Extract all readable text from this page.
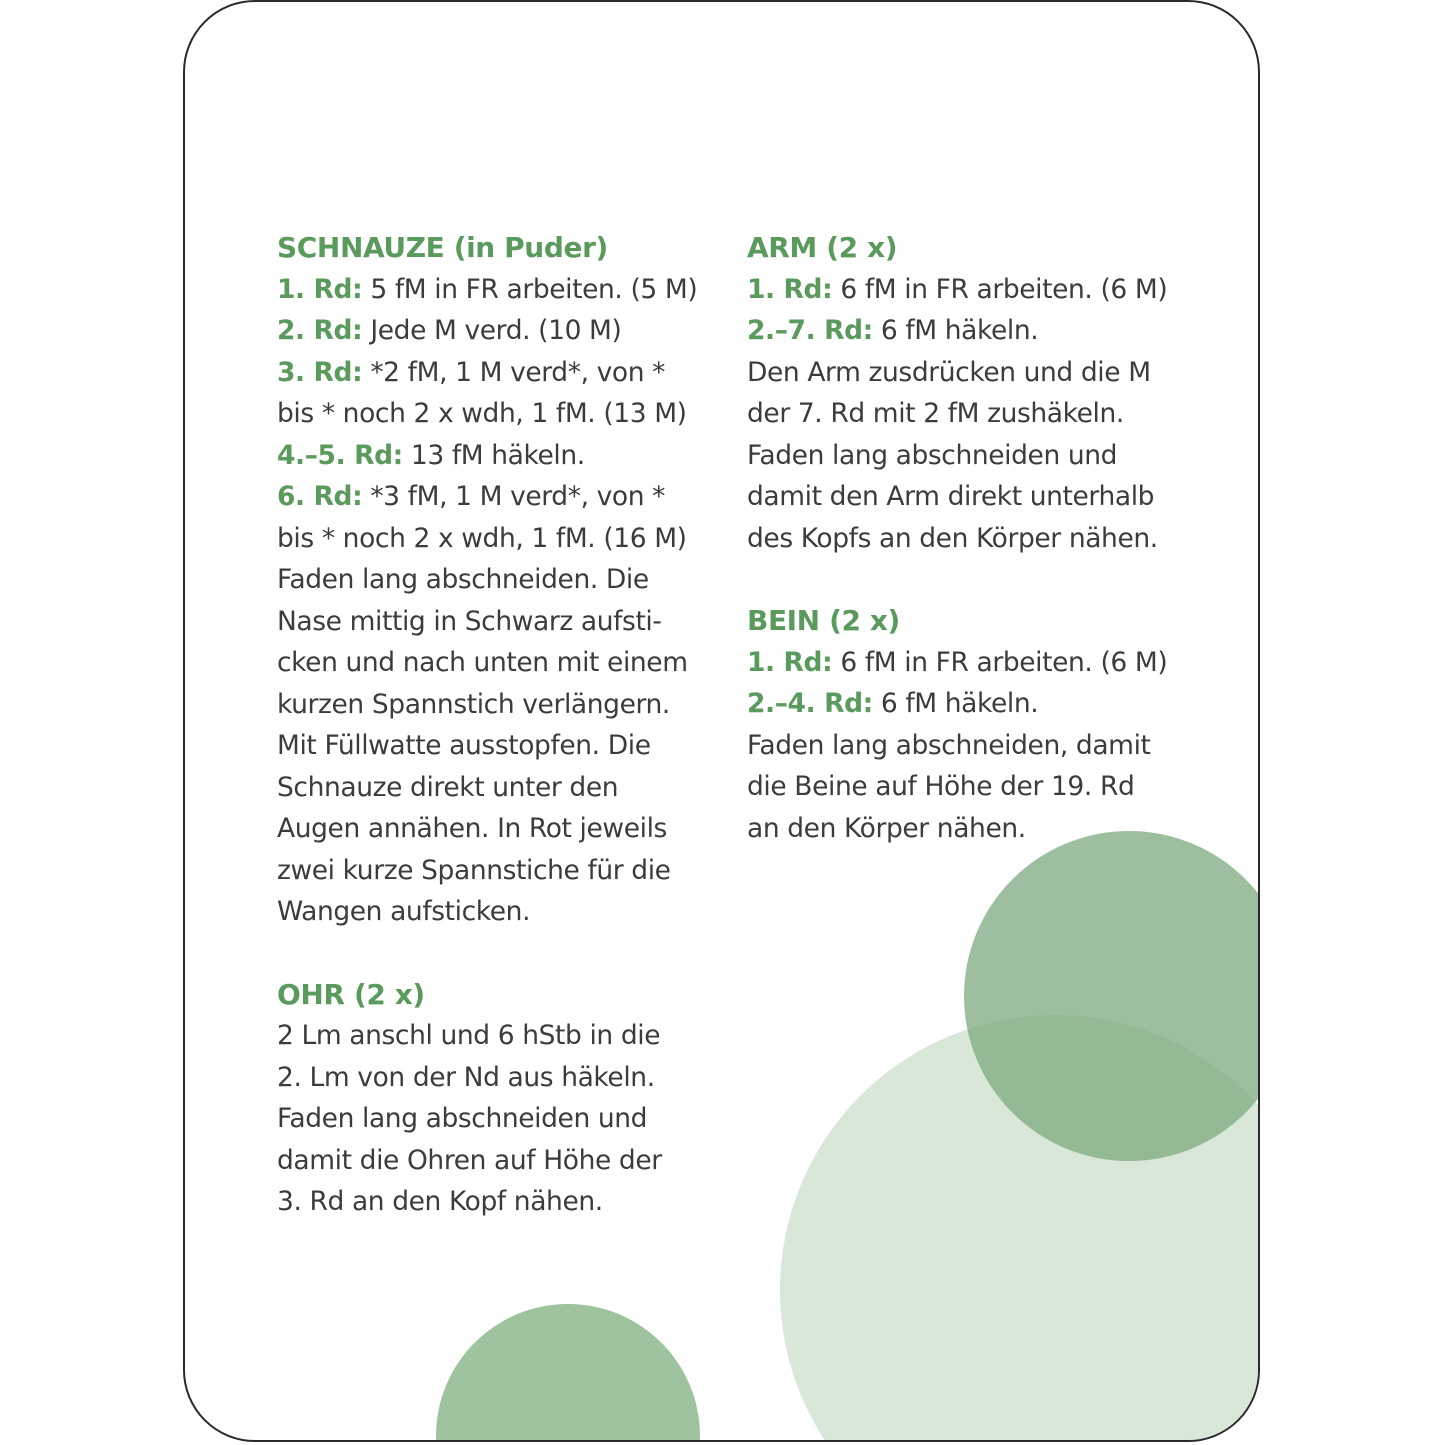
SCHNAUZE (in Puder)
1. Rd: 5 fM in FR arbeiten. (5 M)
2. Rd: Jede M verd. (10 M)
3. Rd: *2 fM, 1 M verd*, von *
bis * noch 2 x wdh, 1 fM. (13 M)
4.–5. Rd: 13 fM häkeln.
6. Rd: *3 fM, 1 M verd*, von *
bis * noch 2 x wdh, 1 fM. (16 M)
Faden lang abschneiden. Die
Nase mittig in Schwarz aufsti-
cken und nach unten mit einem
kurzen Spannstich verlängern.
Mit Füllwatte ausstopfen. Die
Schnauze direkt unter den
Augen annähen. In Rot jeweils
zwei kurze Spannstiche für die
Wangen aufsticken.
OHR (2 x)
2 Lm anschl und 6 hStb in die
2. Lm von der Nd aus häkeln.
Faden lang abschneiden und
damit die Ohren auf Höhe der
3. Rd an den Kopf nähen.
ARM (2 x)
1. Rd: 6 fM in FR arbeiten. (6 M)
2.–7. Rd: 6 fM häkeln.
Den Arm zusdrücken und die M
der 7. Rd mit 2 fM zushäkeln.
Faden lang abschneiden und
damit den Arm direkt unterhalb
des Kopfs an den Körper nähen.
BEIN (2 x)
1. Rd: 6 fM in FR arbeiten. (6 M)
2.–4. Rd: 6 fM häkeln.
Faden lang abschneiden, damit
die Beine auf Höhe der 19. Rd
an den Körper nähen.
